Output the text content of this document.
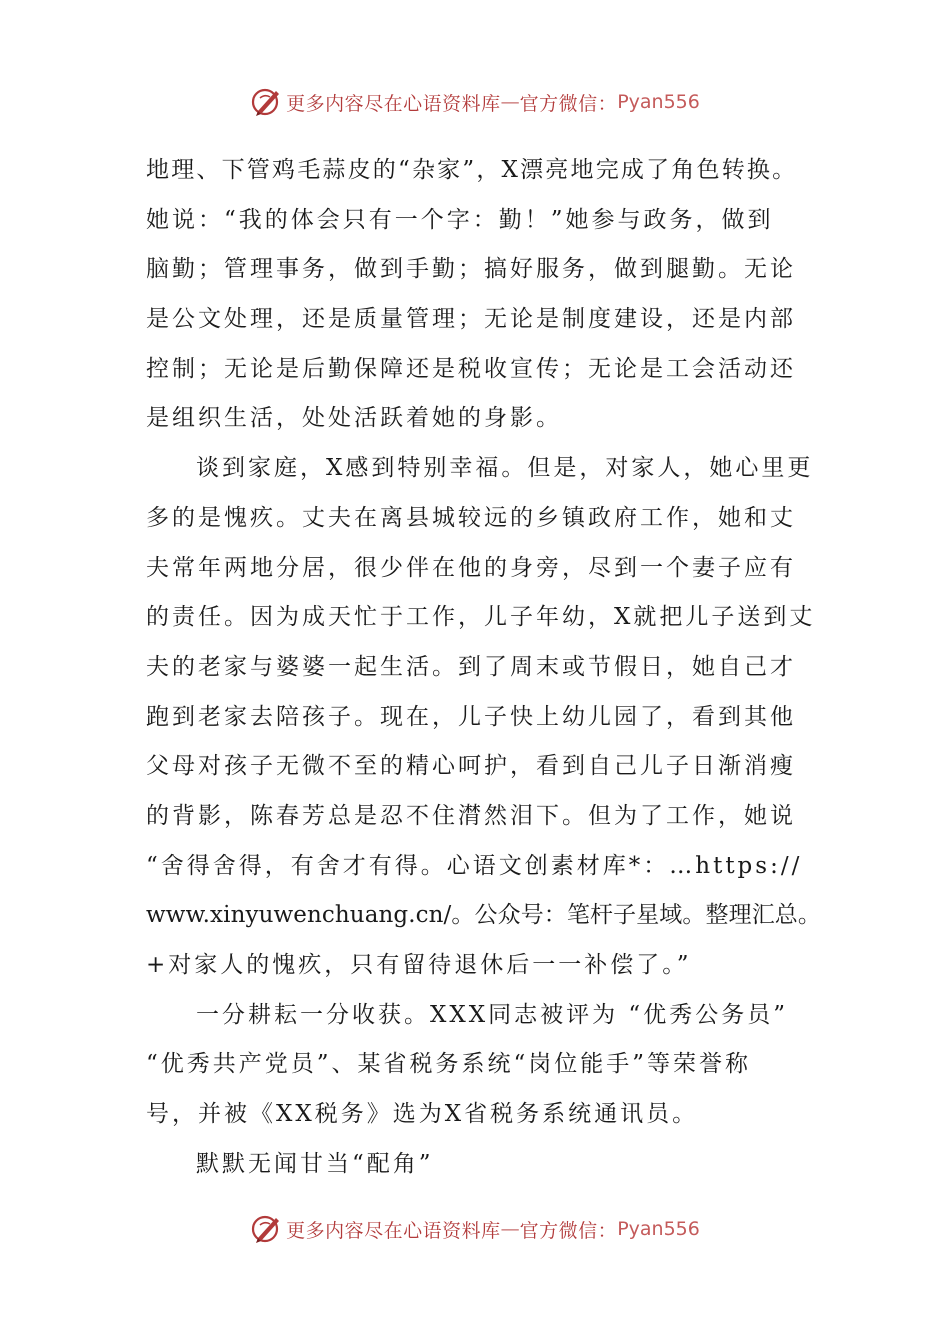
更多内容尽在心语资料库 — 官方微信： Pyan556
地理、下管鸡毛蒜皮的“杂家”，X漂亮地完成了角色转换。
她说：“我的体会只有一个字：勤！”她参与政务，做到
脑勤；管理事务，做到手勤；搞好服务，做到腿勤。无论
是公文处理，还是质量管理；无论是制度建设，还是内部
控制；无论是后勤保障还是税收宣传；无论是工会活动还
是组织生活，处处活跃着她的身影。
谈到家庭，X感到特别幸福。但是，对家人，她心里更
多的是愧疚。丈夫在离县城较远的乡镇政府工作，她和丈
夫常年两地分居，很少伴在他的身旁，尽到一个妻子应有
的责任。因为成天忙于工作，儿子年幼，X就把儿子送到丈
夫的老家与婆婆一起生活。到了周末或节假日，她自己才
跑到老家去陪孩子。现在，儿子快上幼儿园了，看到其他
父母对孩子无微不至的精心呵护，看到自己儿子日渐消瘦
的背影，陈春芳总是忍不住潸然泪下。但为了工作，她说
“舍得舍得，有舍才有得。心语文创素材库*：…https://
www.xinyuwenchuang.cn/。公众号：笔杆子星域。整理汇总。
+对家人的愧疚，只有留待退休后一一补偿了。”
一分耕耘一分收获。XXX同志被评为 “优秀公务员”
“优秀共产党员”、某省税务系统“岗位能手”等荣誉称
号，并被《XX税务》选为X省税务系统通讯员。
默默无闻甘当“配角”
更多内容尽在心语资料库 — 官方微信： Pyan556
